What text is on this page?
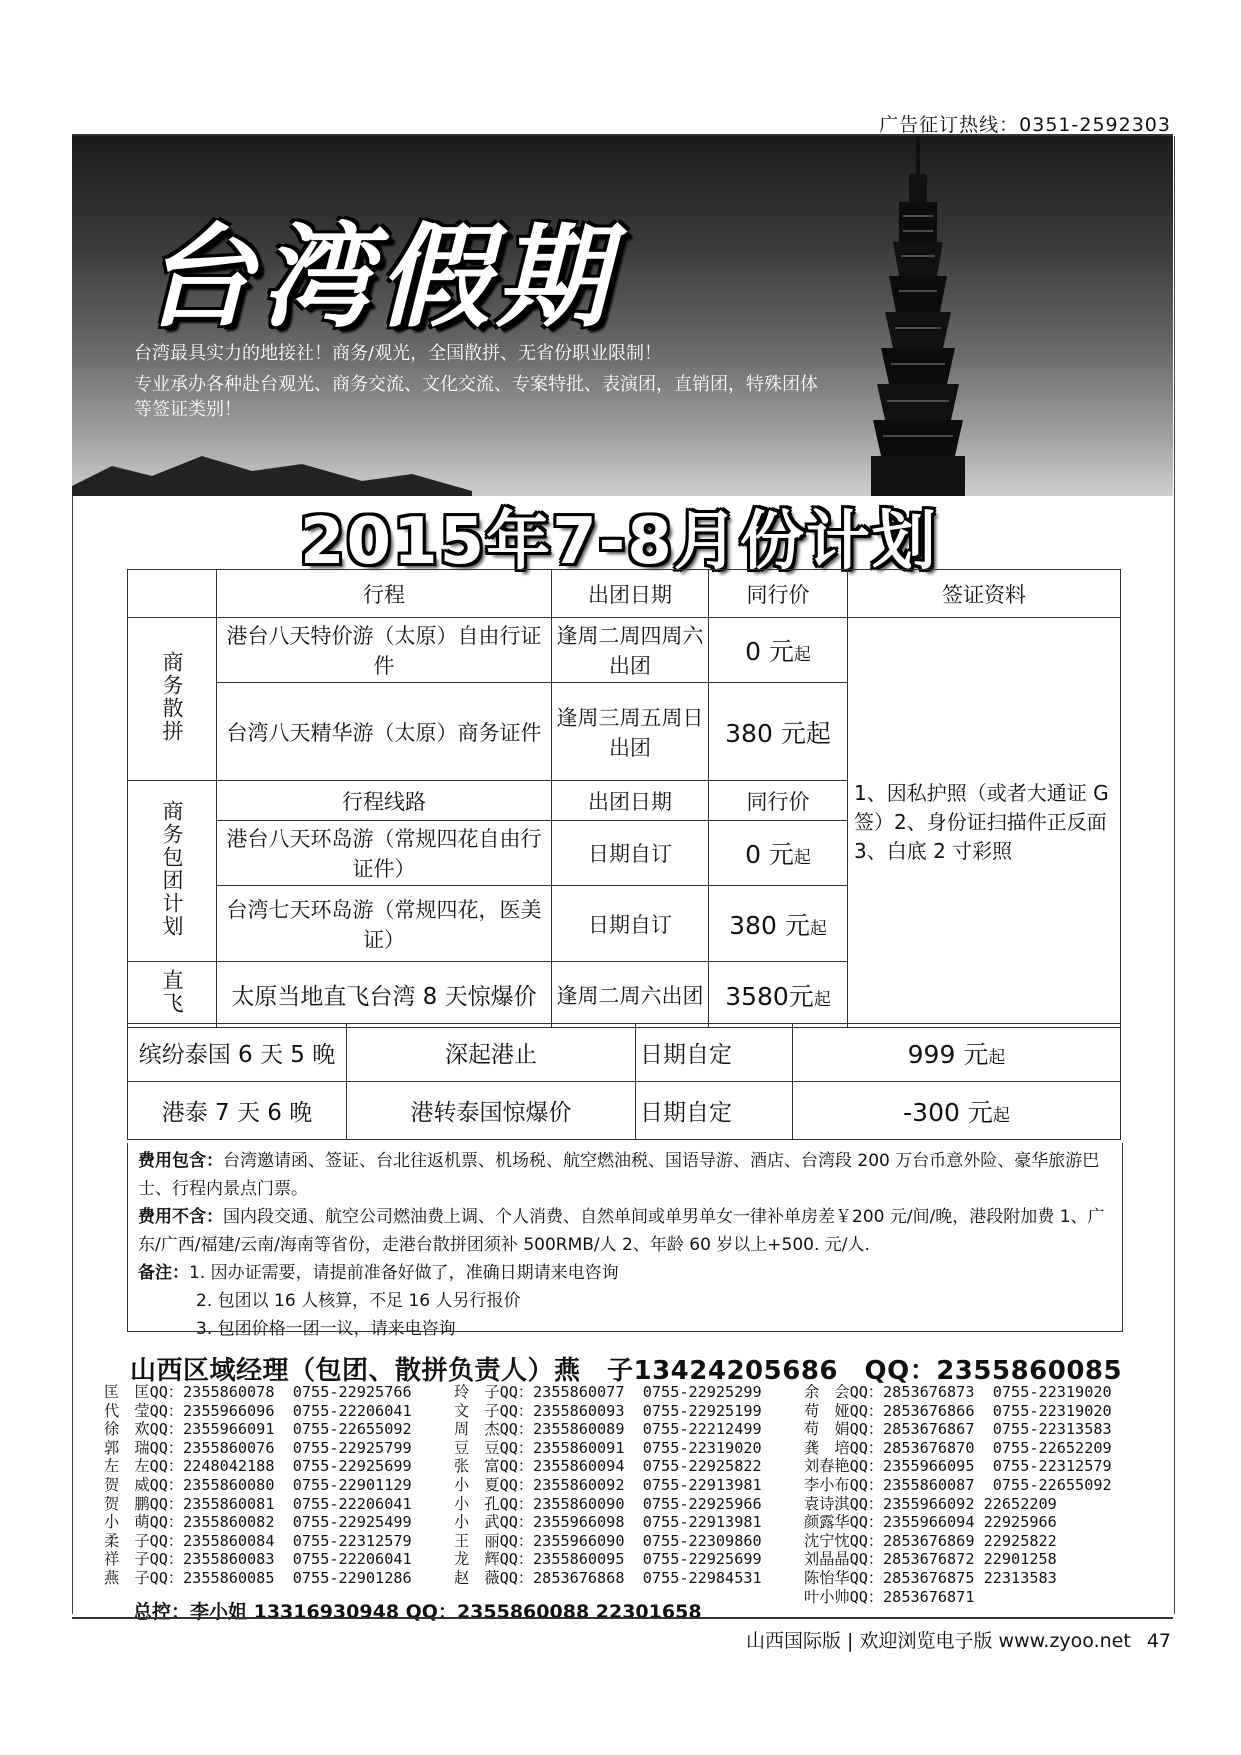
广告征订热线：0351-2592303
台湾假期
台湾最具实力的地接社！商务/观光，全国散拼、无省份职业限制！
专业承办各种赴台观光、商务交流、文化交流、专案特批、表演团，直销团，特殊团体等签证类别！
2015年7-8月份计划
	行程	出团日期	同行价	签证资料
商务散拼	港台八天特价游（太原）自由行证件	逢周二周四周六出团	0 元起	1、因私护照（或者大通证 G 签）2、身份证扫描件正反面3、白底 2 寸彩照
	台湾八天精华游（太原）商务证件	逢周三周五周日出团	380 元起	
商务包团计划	行程线路	出团日期	同行价	
	港台八天环岛游（常规四花自由行证件）	日期自订	0 元起	
	台湾七天环岛游（常规四花，医美证）	日期自订	380 元起	
直飞	太原当地直飞台湾 8 天惊爆价	逢周二周六出团	3580元起	
缤纷泰国 6 天 5 晚	深起港止	日期自定	999 元起
港泰 7 天 6 晚	港转泰国惊爆价	日期自定	-300 元起
费用包含：台湾邀请函、签证、台北往返机票、机场税、航空燃油税、国语导游、酒店、台湾段 200 万台币意外险、豪华旅游巴士、行程内景点门票。
费用不含：国内段交通、航空公司燃油费上调、个人消费、自然单间或单男单女一律补单房差￥200 元/间/晚，港段附加费 1、广东/广西/福建/云南/海南等省份，走港台散拼团须补 500RMB/人 2、年龄 60 岁以上+500. 元/人.
备注：1. 因办证需要，请提前准备好做了，准确日期请来电咨询
2. 包团以 16 人核算，不足 16 人另行报价
3. 包团价格一团一议，请来电咨询
山西区域经理（包团、散拼负责人）燕　子13424205686　QQ：2355860085
匡　匡QQ：2355860078  0755-22925766
代　莹QQ：2355966096  0755-22206041
徐　欢QQ：2355966091  0755-22655092
郭　瑞QQ：2355860076  0755-22925799
左　左QQ：2248042188  0755-22925699
贺　威QQ：2355860080  0755-22901129
贺　鹏QQ：2355860081  0755-22206041
小　萌QQ：2355860082  0755-22925499
柔　子QQ：2355860084  0755-22312579
祥　子QQ：2355860083  0755-22206041
燕　子QQ：2355860085  0755-22901286
玲　子QQ：2355860077  0755-22925299
文　子QQ：2355860093  0755-22925199
周　杰QQ：2355860089  0755-22212499
豆　豆QQ：2355860091  0755-22319020
张　富QQ：2355860094  0755-22925822
小　夏QQ：2355860092  0755-22913981
小　孔QQ：2355860090  0755-22925966
小　武QQ：2355966098  0755-22913981
王　丽QQ：2355966090  0755-22309860
龙　辉QQ：2355860095  0755-22925699
赵　薇QQ：2853676868  0755-22984531
余　会QQ：2853676873  0755-22319020
苟　娅QQ：2853676866  0755-22319020
苟　娟QQ：2853676867  0755-22313583
龚　培QQ：2853676870  0755-22652209
刘春艳QQ：2355966095  0755-22312579
李小布QQ：2355860087  0755-22655092
袁诗淇QQ：2355966092 22652209
颜露华QQ：2355966094 22925966
沈宁忱QQ：2853676869 22925822
刘晶晶QQ：2853676872 22901258
陈怡华QQ：2853676875 22313583
叶小帅QQ：2853676871
总控：李小姐 13316930948 QQ：2355860088 22301658
山西国际版 | 欢迎浏览电子版 www.zyoo.net 47
